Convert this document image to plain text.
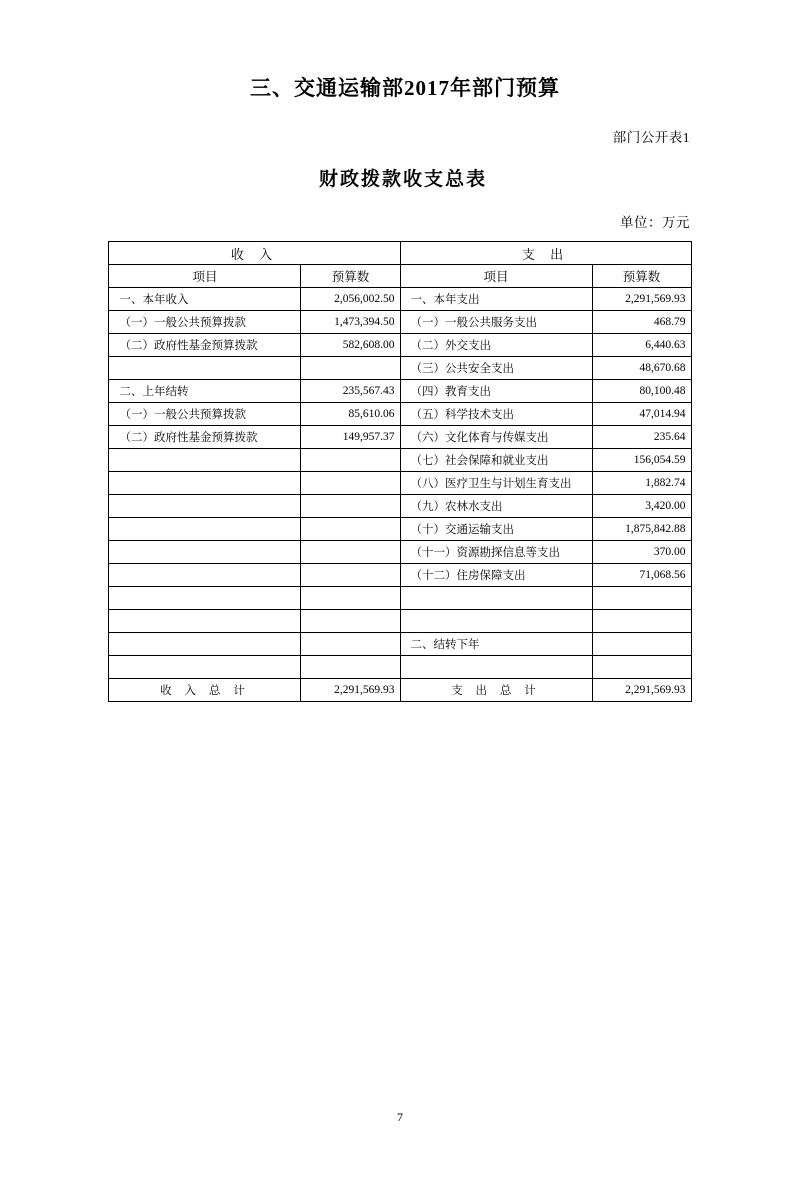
三、交通运输部2017年部门预算
部门公开表1
财政拨款收支总表
单位：万元
收 入		支 出	
项目	预算数	项目	预算数
一、本年收入	2,056,002.50	一、本年支出	2,291,569.93
（一）一般公共预算拨款	1,473,394.50	（一）一般公共服务支出	468.79
（二）政府性基金预算拨款	582,608.00	（二）外交支出	6,440.63
		（三）公共安全支出	48,670.68
二、上年结转	235,567.43	（四）教育支出	80,100.48
（一）一般公共预算拨款	85,610.06	（五）科学技术支出	47,014.94
（二）政府性基金预算拨款	149,957.37	（六）文化体育与传媒支出	235.64
		（七）社会保障和就业支出	156,054.59
		（八）医疗卫生与计划生育支出	1,882.74
		（九）农林水支出	3,420.00
		（十）交通运输支出	1,875,842.88
		（十一）资源勘探信息等支出	370.00
		（十二）住房保障支出	71,068.56

		二、结转下年	

收 入 总 计	2,291,569.93	支 出 总 计	2,291,569.93
7
